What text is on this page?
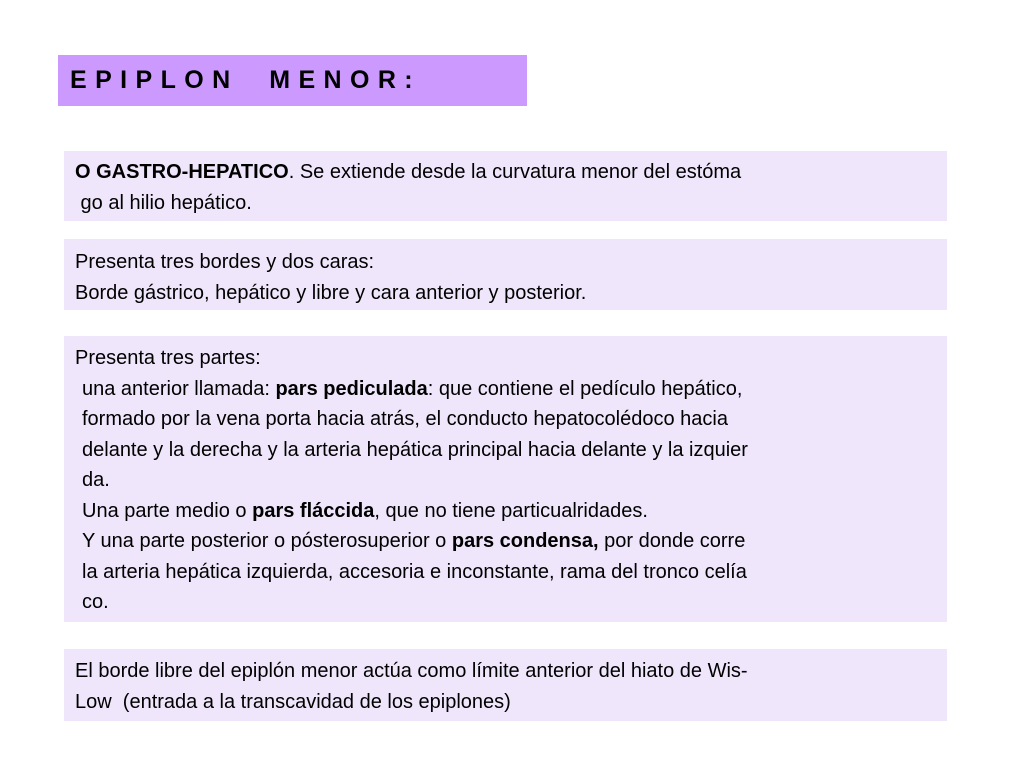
EPIPLON  MENOR:
O GASTRO-HEPATICO. Se extiende desde la curvatura menor del estóma
go al hilio hepático.
Presenta tres bordes y dos caras:
Borde gástrico, hepático y libre y cara anterior y posterior.
Presenta tres partes:
una anterior llamada: pars pediculada: que contiene el pedículo hepático,
formado por la vena porta hacia atrás, el conducto hepatocolédoco hacia
delante y la derecha y la arteria hepática principal hacia delante y la izquier
da.
Una parte medio o pars fláccida, que no tiene particualridades.
Y una parte posterior o pósterosuperior o pars condensa, por donde corre
la arteria hepática izquierda, accesoria e inconstante, rama del tronco celía
co.
El borde libre del epiplón menor actúa como límite anterior del hiato de Wis-
Low  (entrada a la transcavidad de los epiplones)
